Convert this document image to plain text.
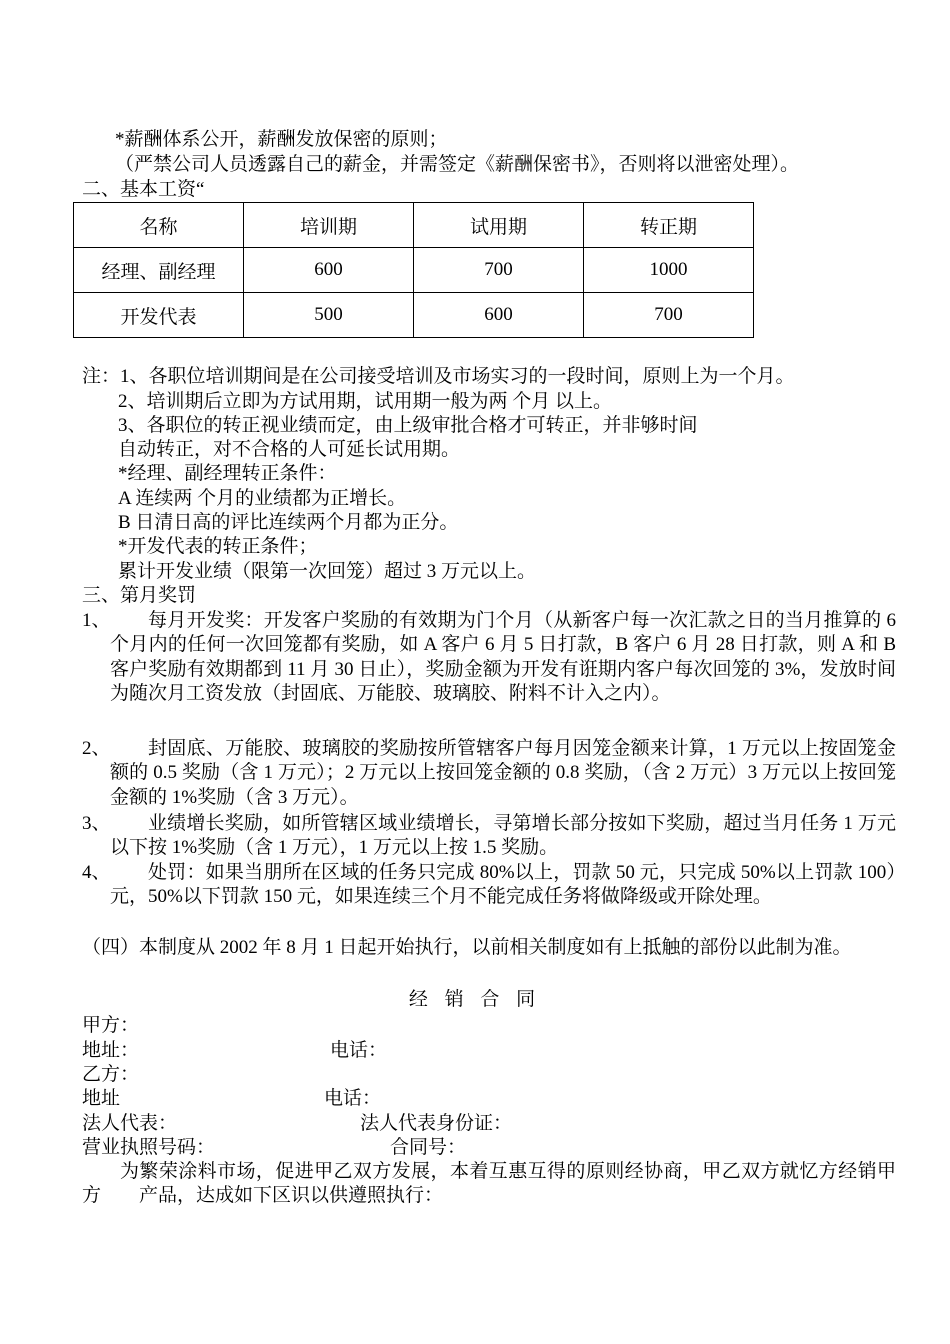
*薪酬体系公开，薪酬发放保密的原则；
（严禁公司人员透露自己的薪金，并需签定《薪酬保密书》，否则将以泄密处理）。
二、基本工资“
名称	培训期	试用期	转正期
经理、副经理	600	700	1000
开发代表	500	600	700
注：1、各职位培训期间是在公司接受培训及市场实习的一段时间，原则上为一个月。
2、培训期后立即为方试用期，试用期一般为两 个月 以上。
3、各职位的转正视业绩而定，由上级审批合格才可转正，并非够时间
自动转正，对不合格的人可延长试用期。
*经理、副经理转正条件：
A 连续两 个月的业绩都为正增长。
B 日清日高的评比连续两个月都为正分。
*开发代表的转正条件；
累计开发业绩（限第一次回笼）超过 3 万元以上。
三、第月奖罚
1、	每月开发奖：开发客户奖励的有效期为门个月（从新客户每一次汇款之日的当月推算的 6 个月内的任何一次回笼都有奖励，如 A 客户 6 月 5 日打款，B 客户 6 月 28 日打款，则 A 和 B 客户奖励有效期都到 11 月 30 日止），奖励金额为开发有诳期内客户每次回笼的 3%，发放时间为随次月工资发放（封固底、万能胶、玻璃胶、附料不计入之内）。
2、	封固底、万能胶、玻璃胶的奖励按所管辖客户每月因笼金额来计算，1 万元以上按固笼金额的 0.5 奖励（含 1 万元）；2 万元以上按回笼金额的 0.8 奖励，（含 2 万元）3 万元以上按回笼金额的 1%奖励（含 3 万元）。
3、	业绩增长奖励，如所管辖区域业绩增长，寻第增长部分按如下奖励，超过当月任务 1 万元以下按 1%奖励（含 1 万元），1 万元以上按 1.5 奖励。
4、	处罚：如果当朋所在区域的任务只完成 80%以上，罚款 50 元，只完成 50%以上罚款 100）元，50%以下罚款 150 元，如果连续三个月不能完成任务将做降级或开除处理。
（四）本制度从 2002 年 8 月 1 日起开始执行，以前相关制度如有上抵触的部份以此制为准。
经 销 合 同
甲方：
地址：	电话：
乙方：
地址	电话：
法人代表：	法人代表身份证：
营业执照号码：	合同号：
为繁荣涂料市场，促进甲乙双方发展，本着互惠互得的原则经协商，甲乙双方就忆方经销甲方　　产品，达成如下区识以供遵照执行：
